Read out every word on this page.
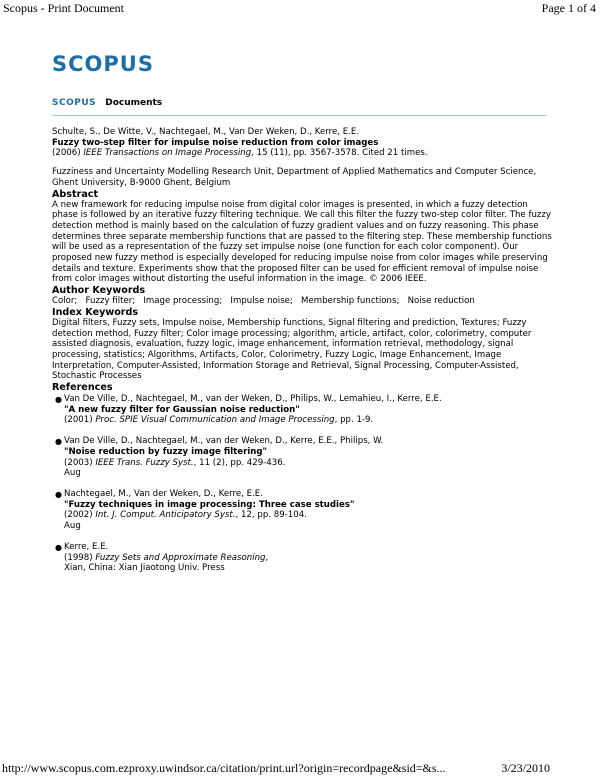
Scopus - Print Document	Page 1 of 4
SCOPUS
SCOPUS Documents

Schulte, S., De Witte, V., Nachtegael, M., Van Der Weken, D., Kerre, E.E.

Fuzzy two-step filter for impulse noise reduction from color images

(2006) IEEE Transactions on Image Processing, 15 (11), pp. 3567-3578. Cited 21 times.

Fuzziness and Uncertainty Modelling Research Unit, Department of Applied Mathematics and Computer Science, Ghent University, B-9000 Ghent, Belgium

Abstract

A new framework for reducing impulse noise from digital color images is presented, in which a fuzzy detection phase is followed by an iterative fuzzy filtering technique. We call this filter the fuzzy two-step color filter. The fuzzy detection method is mainly based on the calculation of fuzzy gradient values and on fuzzy reasoning. This phase determines three separate membership functions that are passed to the filtering step. These membership functions will be used as a representation of the fuzzy set impulse noise (one function for each color component). Our proposed new fuzzy method is especially developed for reducing impulse noise from color images while preserving details and texture. Experiments show that the proposed filter can be used for efficient removal of impulse noise from color images without distorting the useful information in the image. © 2006 IEEE.

Author Keywords

Color;   Fuzzy filter;   Image processing;   Impulse noise;   Membership functions;   Noise reduction

Index Keywords

Digital filters, Fuzzy sets, Impulse noise, Membership functions, Signal filtering and prediction, Textures; Fuzzy detection method, Fuzzy filter; Color image processing; algorithm, article, artifact, color, colorimetry, computer assisted diagnosis, evaluation, fuzzy logic, image enhancement, information retrieval, methodology, signal processing, statistics; Algorithms, Artifacts, Color, Colorimetry, Fuzzy Logic, Image Enhancement, Image Interpretation, Computer-Assisted, Information Storage and Retrieval, Signal Processing, Computer-Assisted, Stochastic Processes

References

● Van De Ville, D., Nachtegael, M., van der Weken, D., Philips, W., Lemahieu, I., Kerre, E.E.

"A new fuzzy filter for Gaussian noise reduction"

(2001) Proc. SPIE Visual Communication and Image Processing, pp. 1-9.

● Van De Ville, D., Nachtegael, M., van der Weken, D., Kerre, E.E., Philips, W.

"Noise reduction by fuzzy image filtering"

(2003) IEEE Trans. Fuzzy Syst., 11 (2), pp. 429-436.

Aug

● Nachtegael, M., Van der Weken, D., Kerre, E.E.

"Fuzzy techniques in image processing: Three case studies"

(2002) Int. J. Comput. Anticipatory Syst., 12, pp. 89-104.

Aug

● Kerre, E.E.

(1998) Fuzzy Sets and Approximate Reasoning,

Xian, China: Xian Jiaotong Univ. Press

http://www.scopus.com.ezproxy.uwindsor.ca/citation/print.url?origin=recordpage&sid=&s...	3/23/2010
